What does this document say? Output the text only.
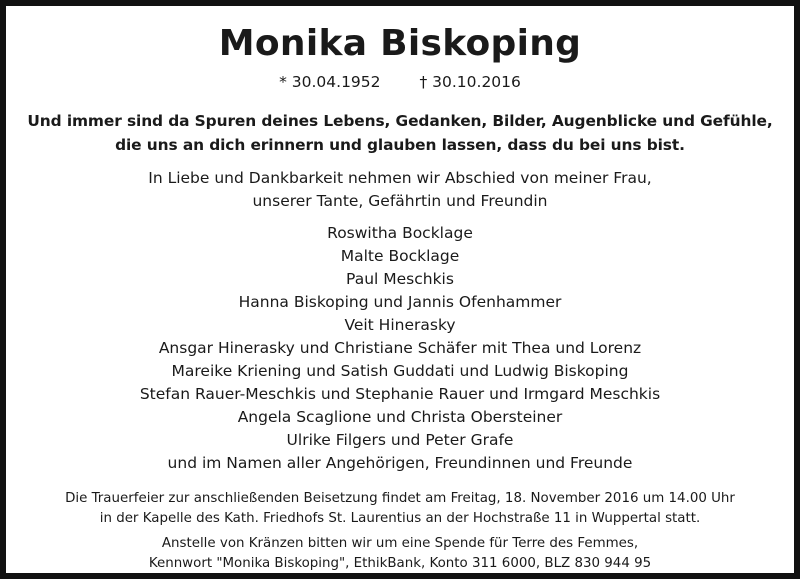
Monika Biskoping
* 30.04.1952	† 30.10.2016
Und immer sind da Spuren deines Lebens, Gedanken, Bilder, Augenblicke und Gefühle,
die uns an dich erinnern und glauben lassen, dass du bei uns bist.
In Liebe und Dankbarkeit nehmen wir Abschied von meiner Frau,
unserer Tante, Gefährtin und Freundin
Roswitha Bocklage
Malte Bocklage
Paul Meschkis
Hanna Biskoping und Jannis Ofenhammer
Veit Hinerasky
Ansgar Hinerasky und Christiane Schäfer mit Thea und Lorenz
Mareike Kriening und Satish Guddati und Ludwig Biskoping
Stefan Rauer-Meschkis und Stephanie Rauer und Irmgard Meschkis
Angela Scaglione und Christa Obersteiner
Ulrike Filgers und Peter Grafe
und im Namen aller Angehörigen, Freundinnen und Freunde
Die Trauerfeier zur anschließenden Beisetzung findet am Freitag, 18. November 2016 um 14.00 Uhr
in der Kapelle des Kath. Friedhofs St. Laurentius an der Hochstraße 11 in Wuppertal statt.
Anstelle von Kränzen bitten wir um eine Spende für Terre des Femmes,
Kennwort "Monika Biskoping", EthikBank, Konto 311 6000, BLZ 830 944 95
